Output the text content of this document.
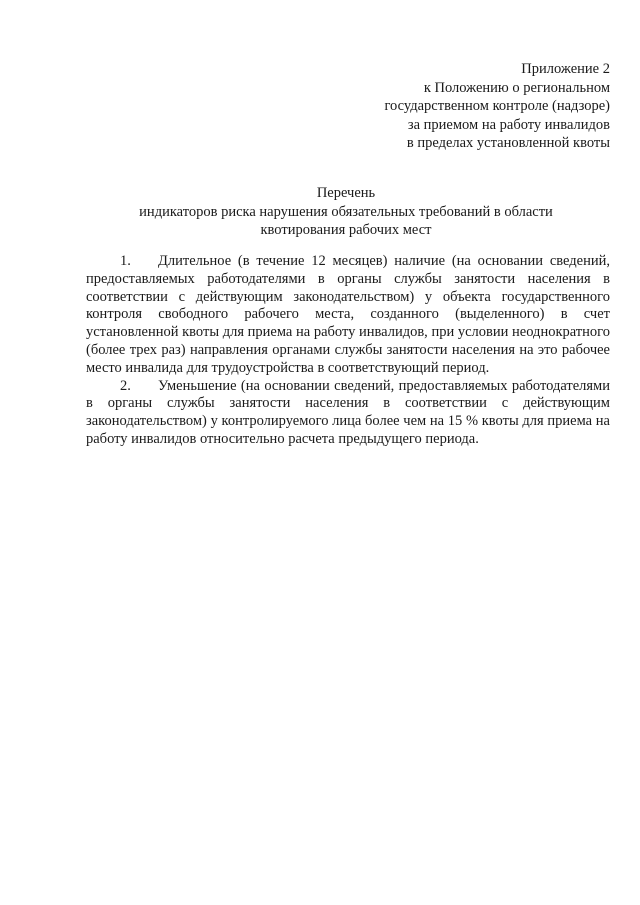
Приложение 2
к Положению о региональном
государственном контроле (надзоре)
за приемом на работу инвалидов
в пределах установленной квоты
Перечень
индикаторов риска нарушения обязательных требований в области
квотирования рабочих мест

1. Длительное (в течение 12 месяцев) наличие (на основании сведений, предоставляемых работодателями в органы службы занятости населения в соответствии с действующим законодательством) у объекта государственного контроля свободного рабочего места, созданного (выделенного) в счет установленной квоты для приема на работу инвалидов, при условии неоднократного (более трех раз) направления органами службы занятости населения на это рабочее место инвалида для трудоустройства в соответствующий период.

2. Уменьшение (на основании сведений, предоставляемых работодателями в органы службы занятости населения в соответствии с действующим законодательством) у контролируемого лица более чем на 15 % квоты для приема на работу инвалидов относительно расчета предыдущего периода.
